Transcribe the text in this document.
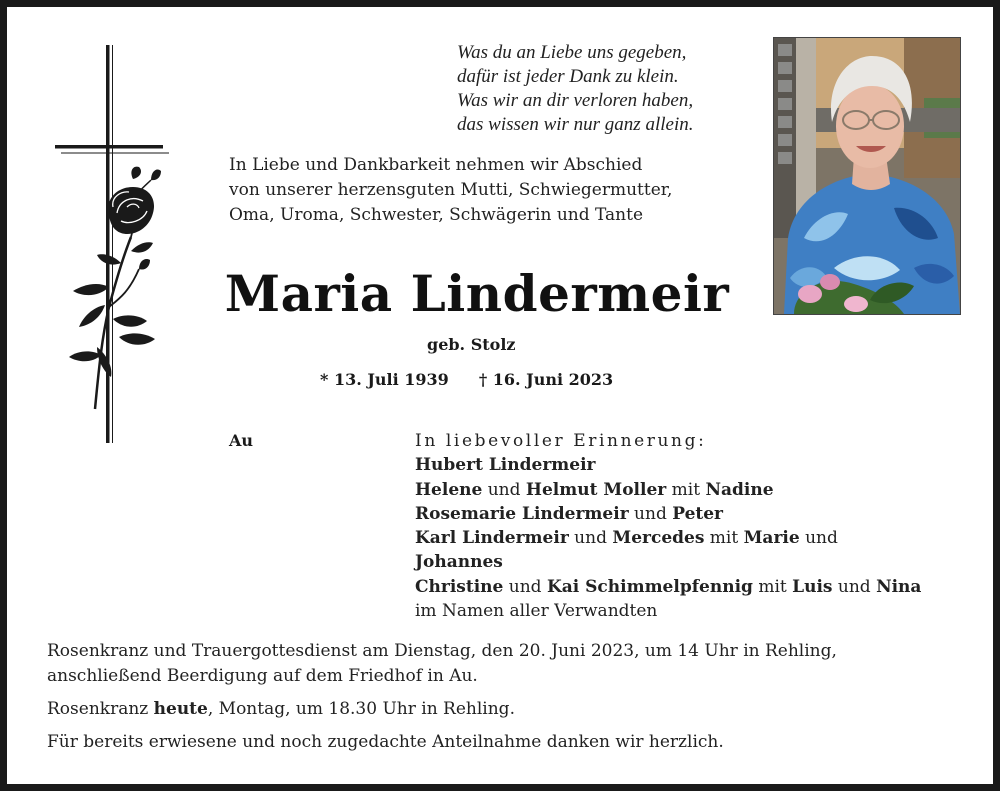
Was du an Liebe uns gegeben,
dafür ist jeder Dank zu klein.
Was wir an dir verloren haben,
das wissen wir nur ganz allein.
In Liebe und Dankbarkeit nehmen wir Abschied
von unserer herzensguten Mutti, Schwiegermutter,
Oma, Uroma, Schwester, Schwägerin und Tante
Maria Lindermeir
geb. Stolz
* 13. Juli 1939 † 16. Juni 2023
Au	In liebevoller Erinnerung:
Hubert Lindermeir
Helene und Helmut Moller mit Nadine
Rosemarie Lindermeir und Peter
Karl Lindermeir und Mercedes mit Marie und
Johannes
Christine und Kai Schimmelpfennig mit Luis und Nina
im Namen aller Verwandten

Rosenkranz und Trauergottesdienst am Dienstag, den 20. Juni 2023, um 14 Uhr in Rehling,
anschließend Beerdigung auf dem Friedhof in Au.

Rosenkranz heute, Montag, um 18.30 Uhr in Rehling.

Für bereits erwiesene und noch zugedachte Anteilnahme danken wir herzlich.
